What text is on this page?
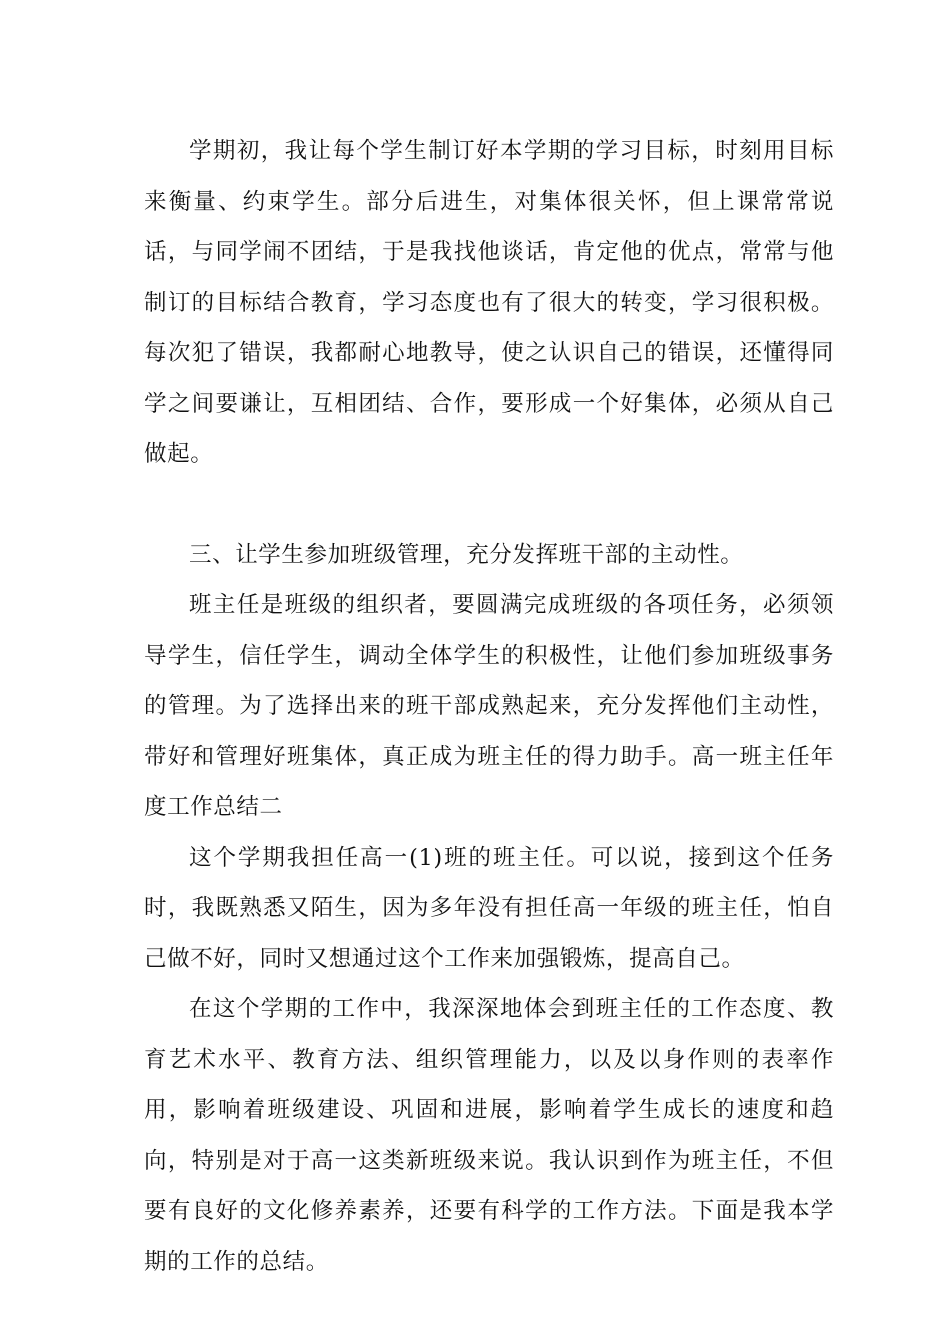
学期初，我让每个学生制订好本学期的学习目标，时刻用目标来衡量、约束学生。部分后进生，对集体很关怀，但上课常常说话，与同学闹不团结，于是我找他谈话，肯定他的优点，常常与他制订的目标结合教育，学习态度也有了很大的转变，学习很积极。每次犯了错误，我都耐心地教导，使之认识自己的错误，还懂得同学之间要谦让，互相团结、合作，要形成一个好集体，必须从自己做起。

三、让学生参加班级管理，充分发挥班干部的主动性。

班主任是班级的组织者，要圆满完成班级的各项任务，必须领导学生，信任学生，调动全体学生的积极性，让他们参加班级事务的管理。为了选择出来的班干部成熟起来，充分发挥他们主动性，带好和管理好班集体，真正成为班主任的得力助手。高一班主任年度工作总结二

这个学期我担任高一(1)班的班主任。可以说，接到这个任务时，我既熟悉又陌生，因为多年没有担任高一年级的班主任，怕自己做不好，同时又想通过这个工作来加强锻炼，提高自己。

在这个学期的工作中，我深深地体会到班主任的工作态度、教育艺术水平、教育方法、组织管理能力，以及以身作则的表率作用，影响着班级建设、巩固和进展，影响着学生成长的速度和趋向，特别是对于高一这类新班级来说。我认识到作为班主任，不但要有良好的文化修养素养，还要有科学的工作方法。下面是我本学期的工作的总结。
